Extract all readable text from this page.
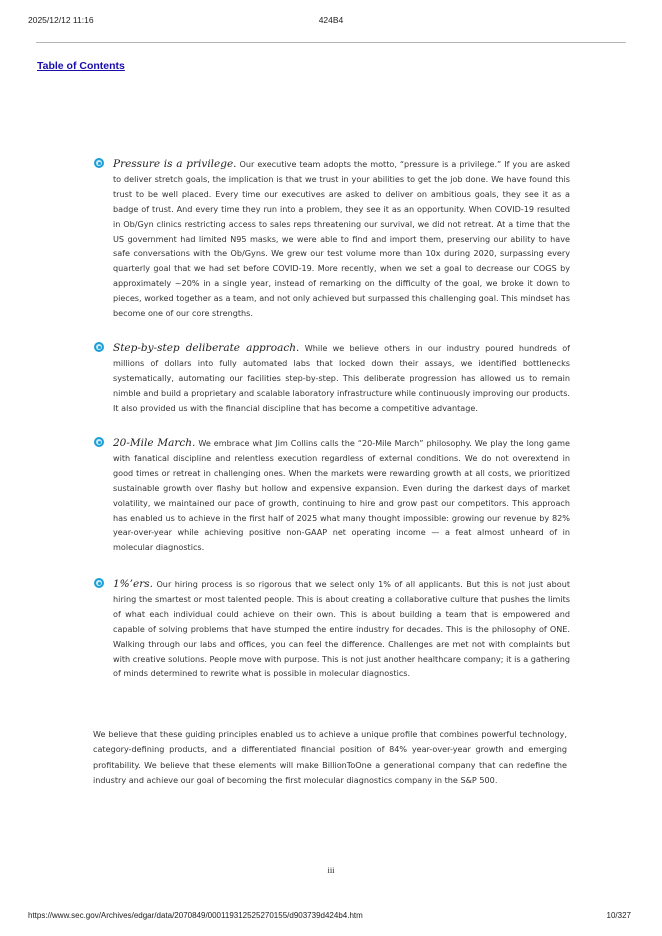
2025/12/12 11:16	424B4
Table of Contents
Pressure is a privilege. Our executive team adopts the motto, “pressure is a privilege.” If you are asked to deliver stretch goals, the implication is that we trust in your abilities to get the job done. We have found this trust to be well placed. Every time our executives are asked to deliver on ambitious goals, they see it as a badge of trust. And every time they run into a problem, they see it as an opportunity. When COVID-19 resulted in Ob/Gyn clinics restricting access to sales reps threatening our survival, we did not retreat. At a time that the US government had limited N95 masks, we were able to find and import them, preserving our ability to have safe conversations with the Ob/Gyns. We grew our test volume more than 10x during 2020, surpassing every quarterly goal that we had set before COVID-19. More recently, when we set a goal to decrease our COGS by approximately ~20% in a single year, instead of remarking on the difficulty of the goal, we broke it down to pieces, worked together as a team, and not only achieved but surpassed this challenging goal. This mindset has become one of our core strengths.
Step-by-step deliberate approach. While we believe others in our industry poured hundreds of millions of dollars into fully automated labs that locked down their assays, we identified bottlenecks systematically, automating our facilities step-by-step. This deliberate progression has allowed us to remain nimble and build a proprietary and scalable laboratory infrastructure while continuously improving our products. It also provided us with the financial discipline that has become a competitive advantage.
20-Mile March. We embrace what Jim Collins calls the “20-Mile March” philosophy. We play the long game with fanatical discipline and relentless execution regardless of external conditions. We do not overextend in good times or retreat in challenging ones. When the markets were rewarding growth at all costs, we prioritized sustainable growth over flashy but hollow and expensive expansion. Even during the darkest days of market volatility, we maintained our pace of growth, continuing to hire and grow past our competitors. This approach has enabled us to achieve in the first half of 2025 what many thought impossible: growing our revenue by 82% year-over-year while achieving positive non-GAAP net operating income — a feat almost unheard of in molecular diagnostics.
1%’ers. Our hiring process is so rigorous that we select only 1% of all applicants. But this is not just about hiring the smartest or most talented people. This is about creating a collaborative culture that pushes the limits of what each individual could achieve on their own. This is about building a team that is empowered and capable of solving problems that have stumped the entire industry for decades. This is the philosophy of ONE. Walking through our labs and offices, you can feel the difference. Challenges are met not with complaints but with creative solutions. People move with purpose. This is not just another healthcare company; it is a gathering of minds determined to rewrite what is possible in molecular diagnostics.
We believe that these guiding principles enabled us to achieve a unique profile that combines powerful technology, category-defining products, and a differentiated financial position of 84% year-over-year growth and emerging profitability. We believe that these elements will make BillionToOne a generational company that can redefine the industry and achieve our goal of becoming the first molecular diagnostics company in the S&P 500.
iii
https://www.sec.gov/Archives/edgar/data/2070849/000119312525270155/d903739d424b4.htm	10/327
